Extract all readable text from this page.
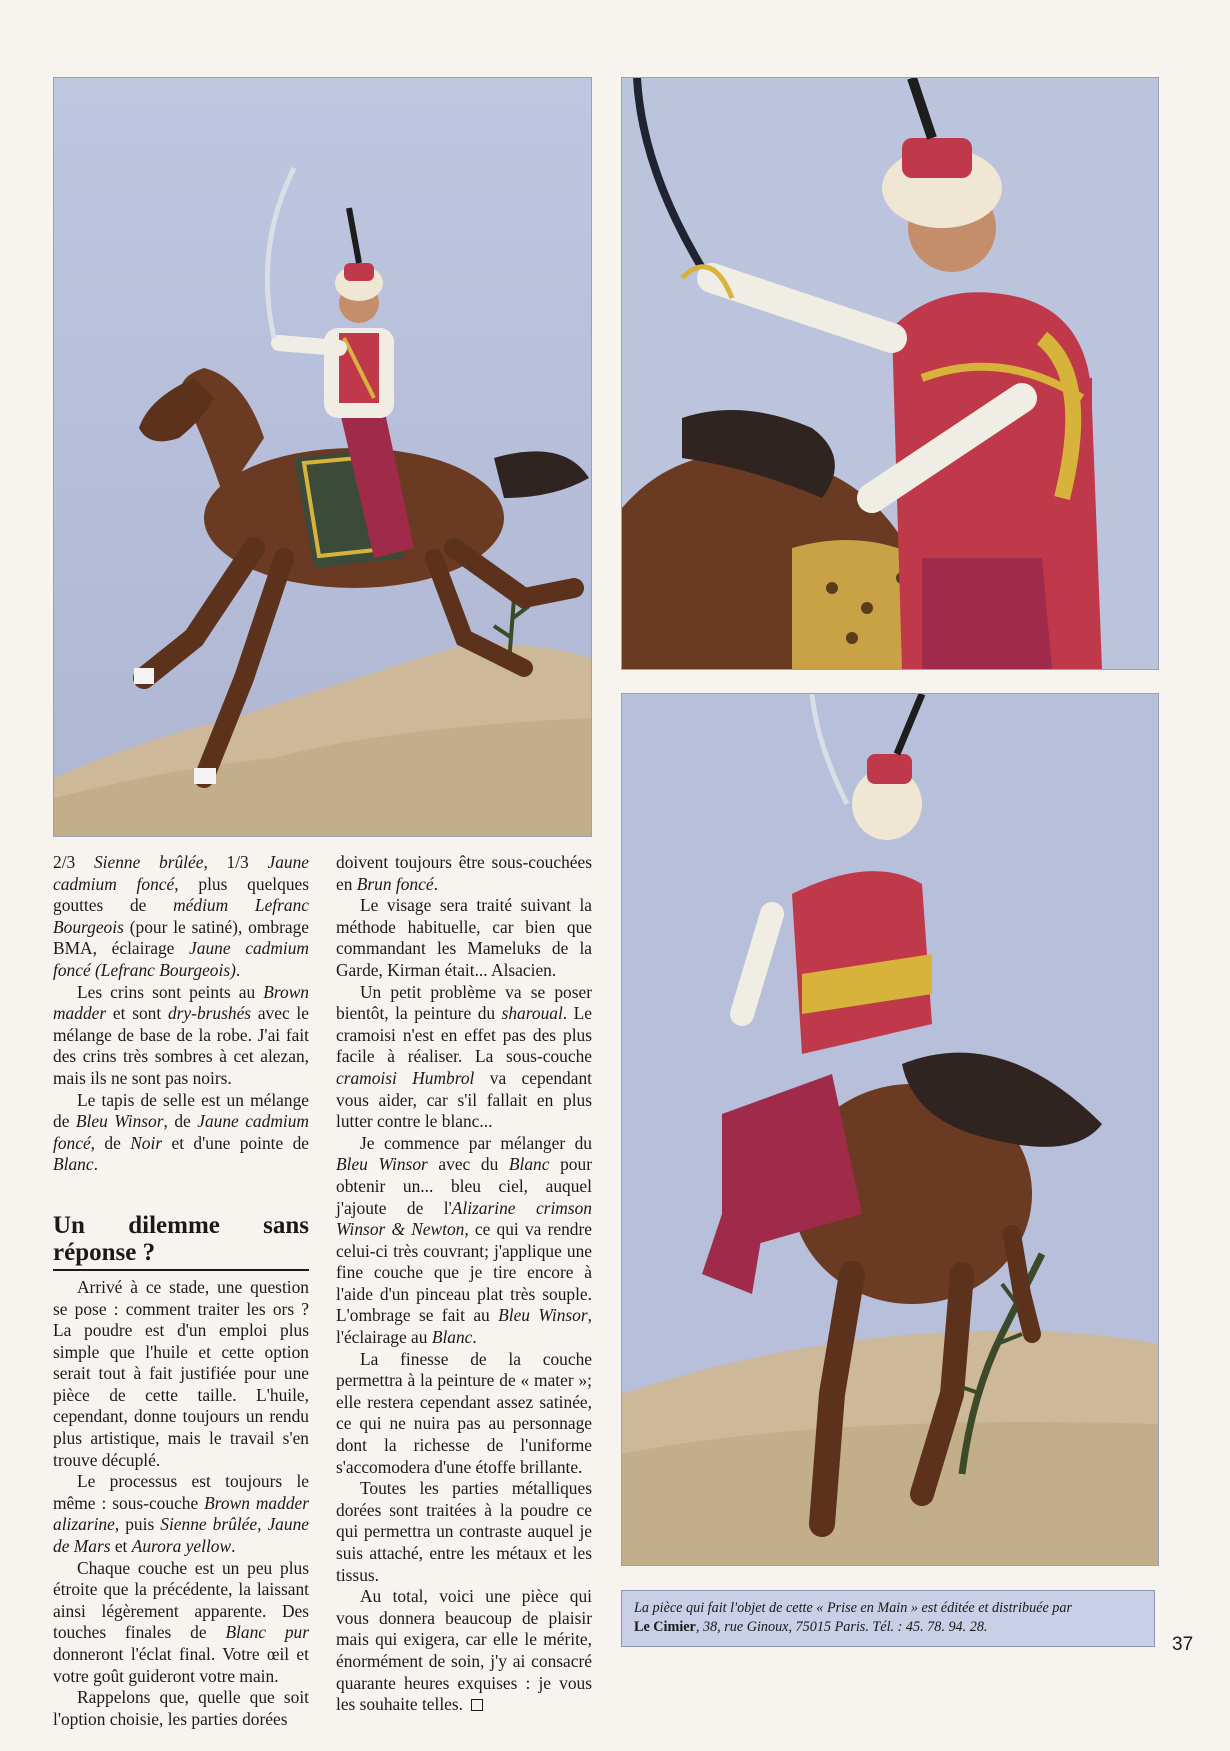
2/3 Sienne brûlée, 1/3 Jaune cadmium foncé, plus quelques gouttes de médium Lefranc Bourgeois (pour le satiné), ombrage BMA, éclairage Jaune cadmium foncé (Lefranc Bourgeois).

Les crins sont peints au Brown madder et sont dry-brushés avec le mélange de base de la robe. J'ai fait des crins très sombres à cet alezan, mais ils ne sont pas noirs.

Le tapis de selle est un mélange de Bleu Winsor, de Jaune cadmium foncé, de Noir et d'une pointe de Blanc.

Un dilemme sans réponse ?

Arrivé à ce stade, une question se pose : comment traiter les ors ? La poudre est d'un emploi plus simple que l'huile et cette option serait tout à fait justifiée pour une pièce de cette taille. L'huile, cependant, donne toujours un rendu plus artistique, mais le travail s'en trouve décuplé.

Le processus est toujours le même : sous-couche Brown madder alizarine, puis Sienne brûlée, Jaune de Mars et Aurora yellow.

Chaque couche est un peu plus étroite que la précédente, la laissant ainsi légèrement apparente. Des touches finales de Blanc pur donneront l'éclat final. Votre œil et votre goût guideront votre main.

Rappelons que, quelle que soit l'option choisie, les parties dorées

doivent toujours être sous-couchées en Brun foncé.

Le visage sera traité suivant la méthode habituelle, car bien que commandant les Mameluks de la Garde, Kirman était... Alsacien.

Un petit problème va se poser bientôt, la peinture du sharoual. Le cramoisi n'est en effet pas des plus facile à réaliser. La sous-couche cramoisi Humbrol va cependant vous aider, car s'il fallait en plus lutter contre le blanc...

Je commence par mélanger du Bleu Winsor avec du Blanc pour obtenir un... bleu ciel, auquel j'ajoute de l'Alizarine crimson Winsor & Newton, ce qui va rendre celui-ci très couvrant; j'applique une fine couche que je tire encore à l'aide d'un pinceau plat très souple. L'ombrage se fait au Bleu Winsor, l'éclairage au Blanc.

La finesse de la couche permettra à la peinture de « mater »; elle restera cependant assez satinée, ce qui ne nuira pas au personnage dont la richesse de l'uniforme s'accomodera d'une étoffe brillante.

Toutes les parties métalliques dorées sont traitées à la poudre ce qui permettra un contraste auquel je suis attaché, entre les métaux et les tissus.

Au total, voici une pièce qui vous donnera beaucoup de plaisir mais qui exigera, car elle le mérite, énormément de soin, j'y ai consacré quarante heures exquises : je vous les souhaite telles.

La pièce qui fait l'objet de cette « Prise en Main » est éditée et distribuée par
Le Cimier, 38, rue Ginoux, 75015 Paris. Tél. : 45. 78. 94. 28.
37
